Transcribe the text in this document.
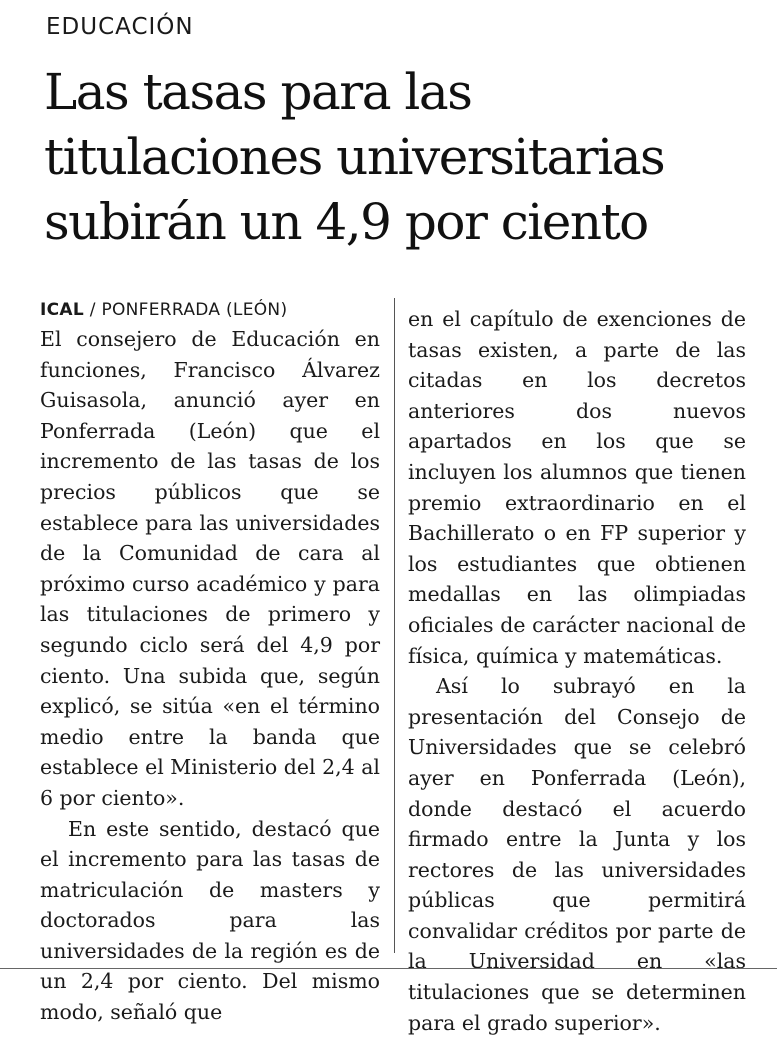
EDUCACIÓN
Las tasas para las
titulaciones universitarias
subirán un 4,9 por ciento
ICAL / PONFERRADA (LEÓN)

El consejero de Educación en funciones, Francisco Álvarez Guisasola, anunció ayer en Ponferrada (León) que el incremento de las tasas de los precios públicos que se establece para las universidades de la Comunidad de cara al próximo curso académico y para las titulaciones de primero y segundo ciclo será del 4,9 por ciento. Una subida que, según explicó, se sitúa «en el término medio entre la banda que establece el Ministerio del 2,4 al 6 por ciento».

En este sentido, destacó que el incremento para las tasas de matriculación de masters y doctorados para las universidades de la región es de un 2,4 por ciento. Del mismo modo, señaló que

en el capítulo de exenciones de tasas existen, a parte de las citadas en los decretos anteriores dos nuevos apartados en los que se incluyen los alumnos que tienen premio extraordinario en el Bachillerato o en FP superior y los estudiantes que obtienen medallas en las olimpiadas oficiales de carácter nacional de física, química y matemáticas.

Así lo subrayó en la presentación del Consejo de Universidades que se celebró ayer en Ponferrada (León), donde destacó el acuerdo firmado entre la Junta y los rectores de las universidades públicas que permitirá convalidar créditos por parte de la Universidad en «las titulaciones que se determinen para el grado superior».
